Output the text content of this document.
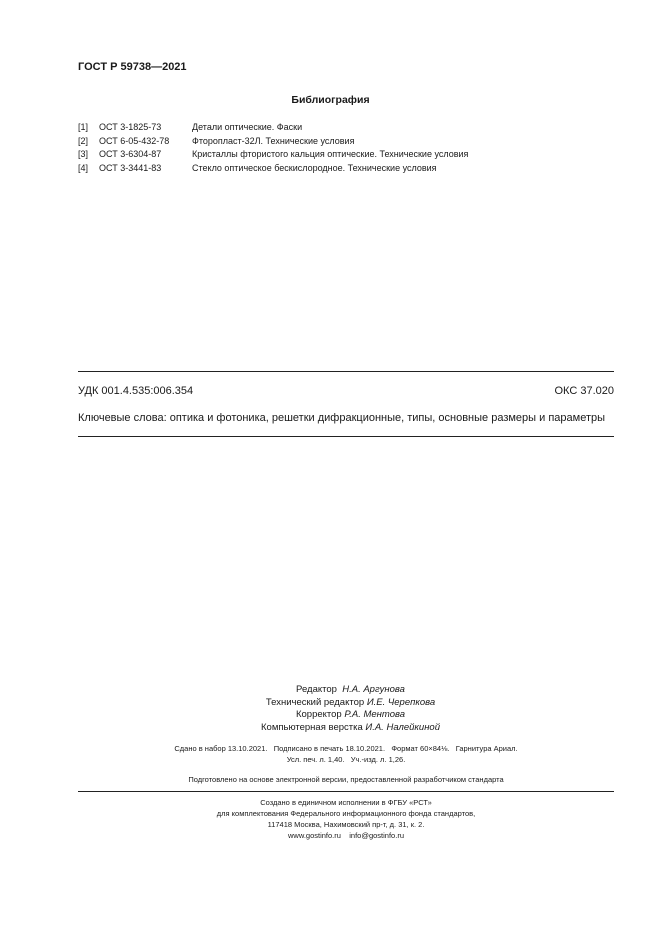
ГОСТ Р 59738—2021
Библиография
[1] ОСТ 3-1825-73	Детали оптические. Фаски
[2] ОСТ 6-05-432-78	Фторопласт-32Л. Технические условия
[3] ОСТ 3-6304-87	Кристаллы фтористого кальция оптические. Технические условия
[4] ОСТ 3-3441-83	Стекло оптическое бескислородное. Технические условия
УДК 001.4.535:006.354	ОКС 37.020
Ключевые слова: оптика и фотоника, решетки дифракционные, типы, основные размеры и параметры
Редактор Н.А. Аргунова
Технический редактор И.Е. Черепкова
Корректор Р.А. Ментова
Компьютерная верстка И.А. Налейкиной
Сдано в набор 13.10.2021.   Подписано в печать 18.10.2021.   Формат 60×84⅛.   Гарнитура Ариал.
Усл. печ. л. 1,40.   Уч.-изд. л. 1,26.
Подготовлено на основе электронной версии, предоставленной разработчиком стандарта
Создано в единичном исполнении в ФГБУ «РСТ»
для комплектования Федерального информационного фонда стандартов,
117418 Москва, Нахимовский пр-т, д. 31, к. 2.
www.gostinfo.ru    info@gostinfo.ru
